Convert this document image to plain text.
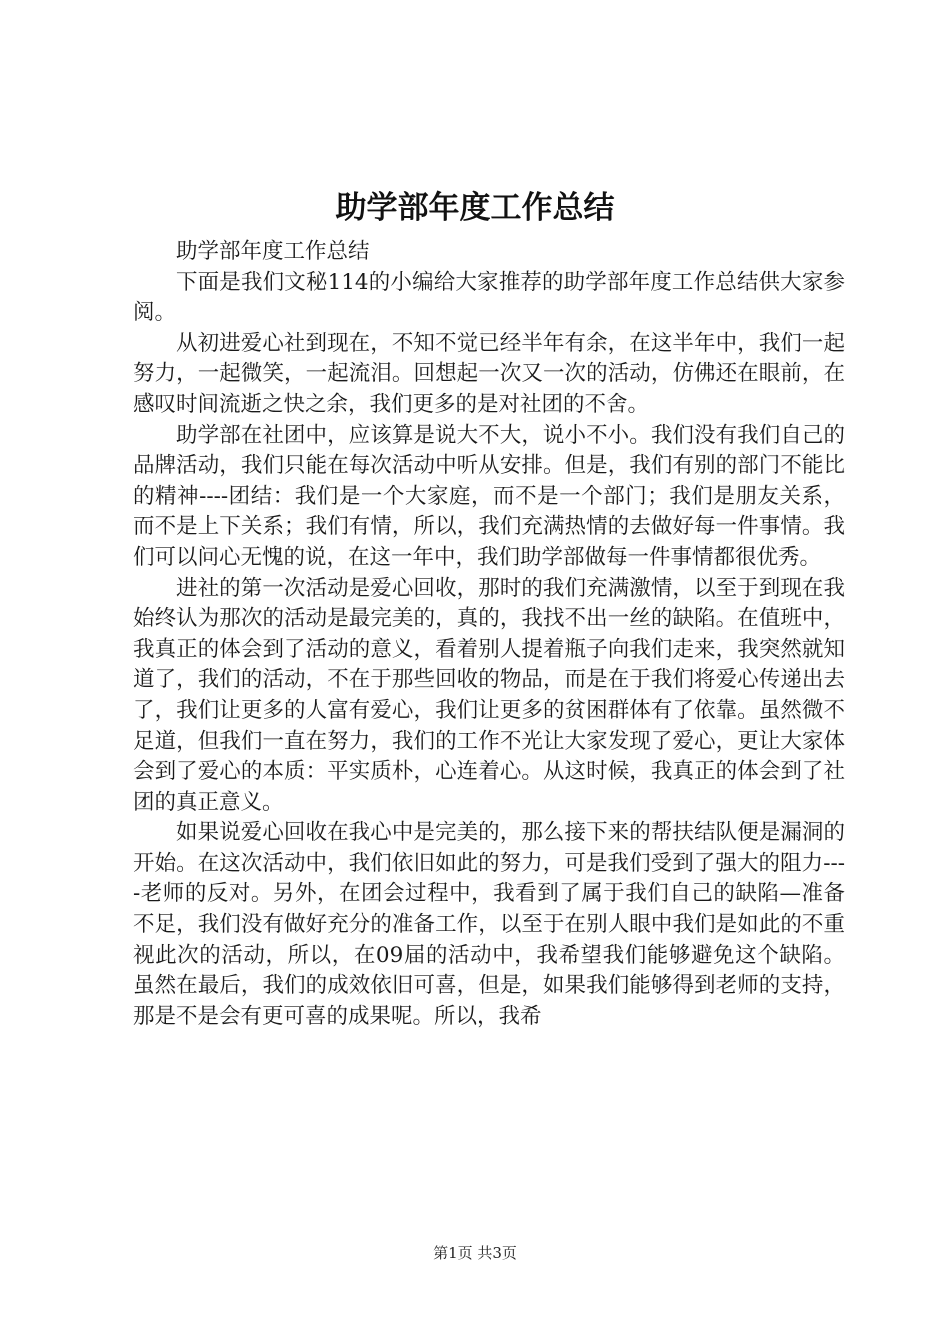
助学部年度工作总结

助学部年度工作总结

下面是我们文秘114的小编给大家推荐的助学部年度工作总结供大家参阅。

从初进爱心社到现在，不知不觉已经半年有余，在这半年中，我们一起努力，一起微笑，一起流泪。回想起一次又一次的活动，仿佛还在眼前，在感叹时间流逝之快之余，我们更多的是对社团的不舍。

助学部在社团中，应该算是说大不大，说小不小。我们没有我们自己的品牌活动，我们只能在每次活动中听从安排。但是，我们有别的部门不能比的精神----团结：我们是一个大家庭，而不是一个部门；我们是朋友关系，而不是上下关系；我们有情，所以，我们充满热情的去做好每一件事情。我们可以问心无愧的说，在这一年中，我们助学部做每一件事情都很优秀。

进社的第一次活动是爱心回收，那时的我们充满激情，以至于到现在我始终认为那次的活动是最完美的，真的，我找不出一丝的缺陷。在值班中，我真正的体会到了活动的意义，看着别人提着瓶子向我们走来，我突然就知道了，我们的活动，不在于那些回收的物品，而是在于我们将爱心传递出去了，我们让更多的人富有爱心，我们让更多的贫困群体有了依靠。虽然微不足道，但我们一直在努力，我们的工作不光让大家发现了爱心，更让大家体会到了爱心的本质：平实质朴，心连着心。从这时候，我真正的体会到了社团的真正意义。

如果说爱心回收在我心中是完美的，那么接下来的帮扶结队便是漏洞的开始。在这次活动中，我们依旧如此的努力，可是我们受到了强大的阻力----老师的反对。另外，在团会过程中，我看到了属于我们自己的缺陷—准备不足，我们没有做好充分的准备工作，以至于在别人眼中我们是如此的不重视此次的活动，所以，在09届的活动中，我希望我们能够避免这个缺陷。虽然在最后，我们的成效依旧可喜，但是，如果我们能够得到老师的支持，那是不是会有更可喜的成果呢。所以，我希

第1页 共3页
